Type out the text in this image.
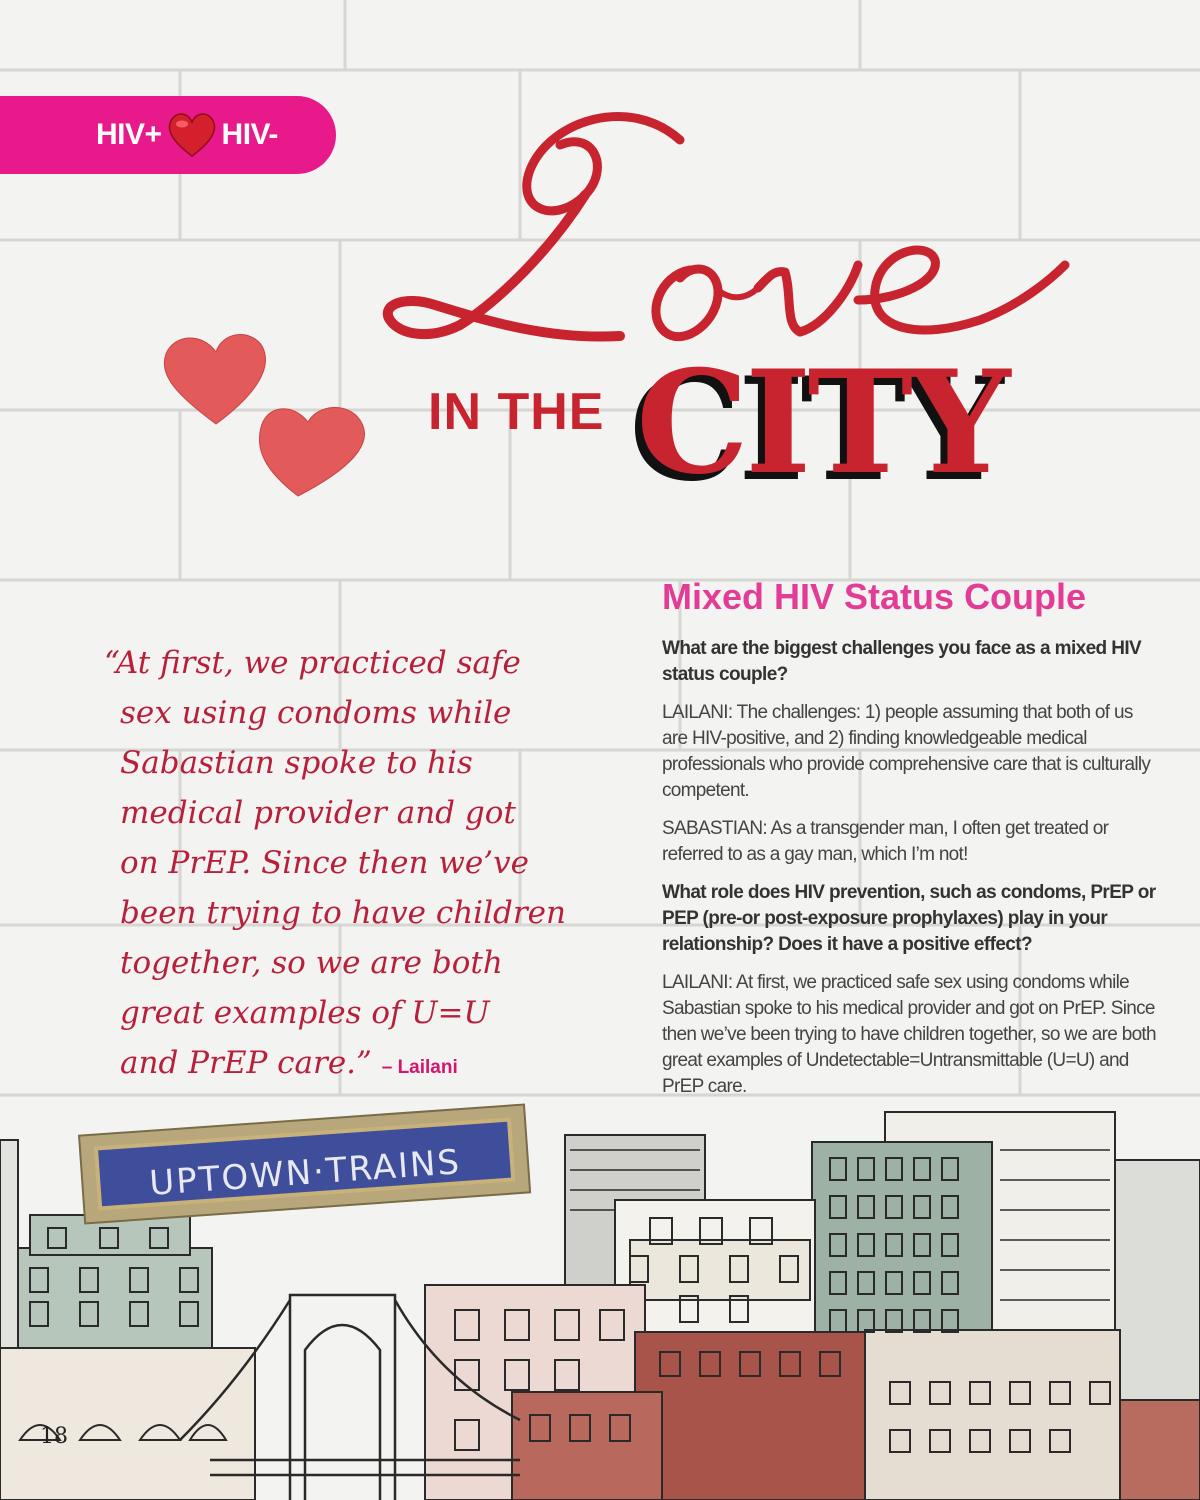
HIV+ HIV-
IN THE CITY
“At first, we practiced safe
sex using condoms while
Sabastian spoke to his
medical provider and got
on PrEP. Since then we’ve
been trying to have children
together, so we are both
great examples of U=U
and PrEP care.” – Lailani
Mixed HIV Status Couple

What are the biggest challenges you face as a mixed HIV status couple?

LAILANI: The challenges: 1) people assuming that both of us are HIV-positive, and 2) finding knowledgeable medical professionals who provide comprehensive care that is culturally competent.

SABASTIAN: As a transgender man, I often get treated or referred to as a gay man, which I’m not!

What role does HIV prevention, such as condoms, PrEP or PEP (pre-or post-exposure prophylaxes) play in your relationship? Does it have a positive effect?

LAILANI: At first, we practiced safe sex using condoms while Sabastian spoke to his medical provider and got on PrEP. Since then we’ve been trying to have children together, so we are both great examples of Undetectable=Untransmittable (U=U) and PrEP care.

UPTOWN·TRAINS
18
